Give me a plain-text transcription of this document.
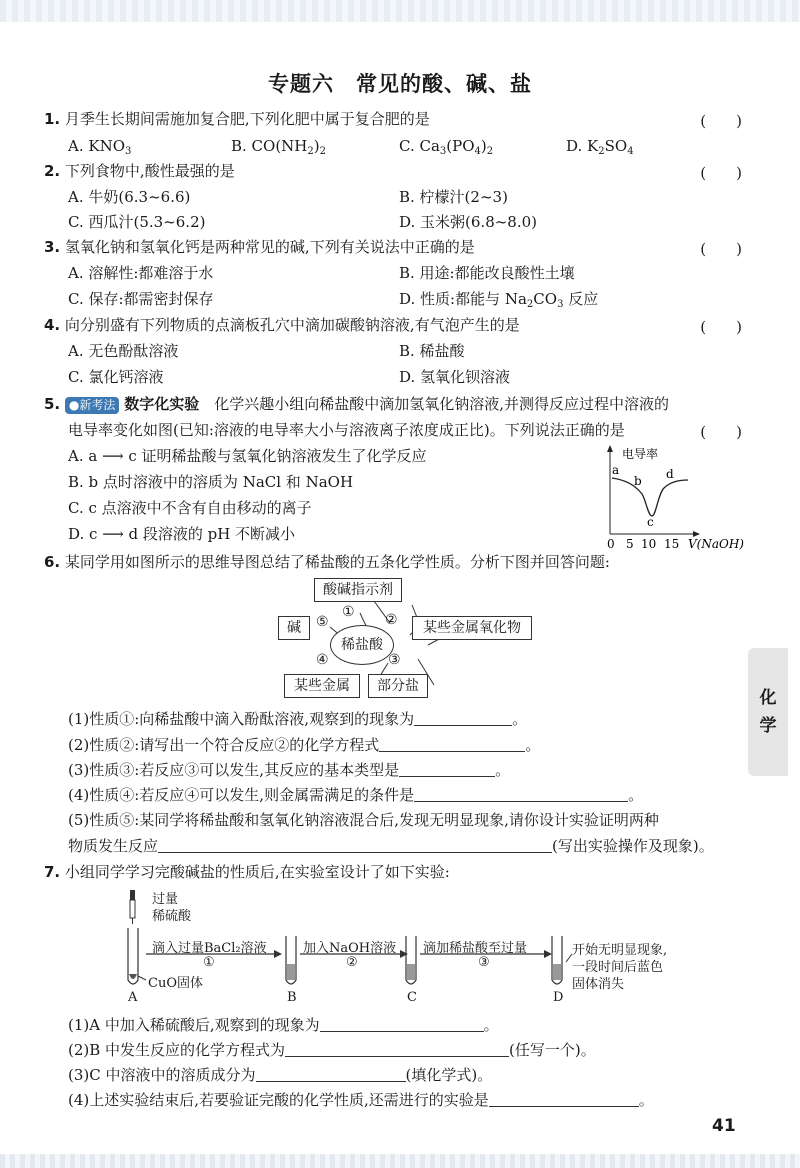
专题六　常见的酸、碱、盐
1. 月季生长期间需施加复合肥,下列化肥中属于复合肥的是	(　　)
A. $KNO_3$	B. $CO(NH_2)_2$	C. $Ca_3(PO_4)_2$	D. $K_2SO_4$
2. 下列食物中,酸性最强的是	(　　)
A. 牛奶(6.3~6.6)	B. 柠檬汁(2~3)
C. 西瓜汁(5.3~6.2)	D. 玉米粥(6.8~8.0)
3. 氢氧化钠和氢氧化钙是两种常见的碱,下列有关说法中正确的是	(　　)
A. 溶解性:都难溶于水	B. 用途:都能改良酸性土壤
C. 保存:都需密封保存	D. 性质:都能与 $Na_2CO_3$ 反应
4. 向分别盛有下列物质的点滴板孔穴中滴加碳酸钠溶液,有气泡产生的是	(　　)
A. 无色酚酞溶液	B. 稀盐酸
C. 氯化钙溶液	D. 氢氧化钡溶液
5. ●新考法 数字化实验　化学兴趣小组向稀盐酸中滴加氢氧化钠溶液,并测得反应过程中溶液的
电导率变化如图(已知:溶液的电导率大小与溶液离子浓度成正比)。下列说法正确的是	(　　)
A. a ⟶ c 证明稀盐酸与氢氧化钠溶液发生了化学反应
B. b 点时溶液中的溶质为 NaCl 和 NaOH
C. c 点溶液中不含有自由移动的离子
D. c ⟶ d 段溶液的 pH 不断减小
电导率
a
b
c
d
0 5 10 15 V(NaOH)
6. 某同学用如图所示的思维导图总结了稀盐酸的五条化学性质。分析下图并回答问题:
酸碱指示剂
碱	某些金属氧化物
稀盐酸
某些金属	部分盐
① ②
③
④
⑤
(1)性质①:向稀盐酸中滴入酚酞溶液,观察到的现象为	。
(2)性质②:请写出一个符合反应②的化学方程式	。
(3)性质③:若反应③可以发生,其反应的基本类型是	。
(4)性质④:若反应④可以发生,则金属需满足的条件是	。
(5)性质⑤:某同学将稀盐酸和氢氧化钠溶液混合后,发现无明显现象,请你设计实验证明两种
物质发生反应	(写出实验操作及现象)。
7. 小组同学学习完酸碱盐的性质后,在实验室设计了如下实验:
过量
稀硫酸
滴入过量BaCl₂溶液
①
加入NaOH溶液
②
滴加稀盐酸至过量
③
CuO固体
开始无明显现象,
一段时间后蓝色
固体消失
A	B	C	D
(1)A 中加入稀硫酸后,观察到的现象为	。
(2)B 中发生反应的化学方程式为	(任写一个)。
(3)C 中溶液中的溶质成分为	(填化学式)。
(4)上述实验结束后,若要验证完酸的化学性质,还需进行的实验是	。
化学
41
